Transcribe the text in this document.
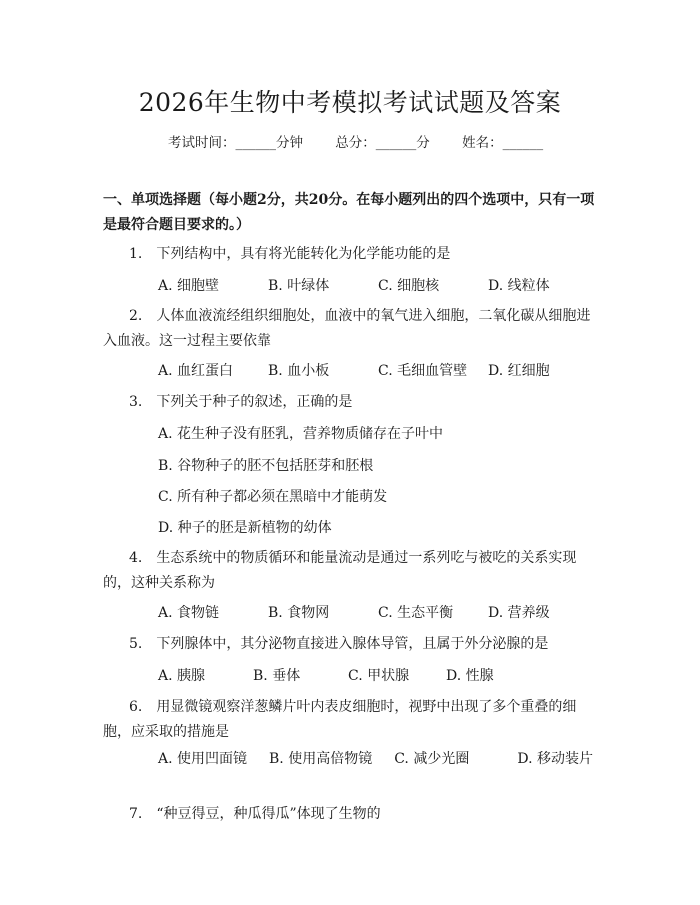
2026年生物中考模拟考试试题及答案
考试时间：______分钟 总分：______分 姓名：______
一、单项选择题（每小题2分，共20分。在每小题列出的四个选项中，只有一项是最符合题目要求的。）
1.　下列结构中，具有将光能转化为化学能功能的是
A. 细胞壁	B. 叶绿体	C. 细胞核	D. 线粒体
2.　人体血液流经组织细胞处，血液中的氧气进入细胞，二氧化碳从细胞进入血液。这一过程主要依靠
A. 血红蛋白 B. 血小板	C. 毛细血管壁 D. 红细胞
3.　下列关于种子的叙述，正确的是
A. 花生种子没有胚乳，营养物质储存在子叶中
B. 谷物种子的胚不包括胚芽和胚根
C. 所有种子都必须在黑暗中才能萌发
D. 种子的胚是新植物的幼体
4.　生态系统中的物质循环和能量流动是通过一系列吃与被吃的关系实现的，这种关系称为
A. 食物链	B. 食物网	C. 生态平衡 D. 营养级
5.　下列腺体中，其分泌物直接进入腺体导管，且属于外分泌腺的是
A. 胰腺	B. 垂体	C. 甲状腺	D. 性腺
6.　用显微镜观察洋葱鳞片叶内表皮细胞时，视野中出现了多个重叠的细胞，应采取的措施是
A. 使用凹面镜 B. 使用高倍物镜 C. 减少光圈	D. 移动装片
7.　“种豆得豆，种瓜得瓜”体现了生物的
